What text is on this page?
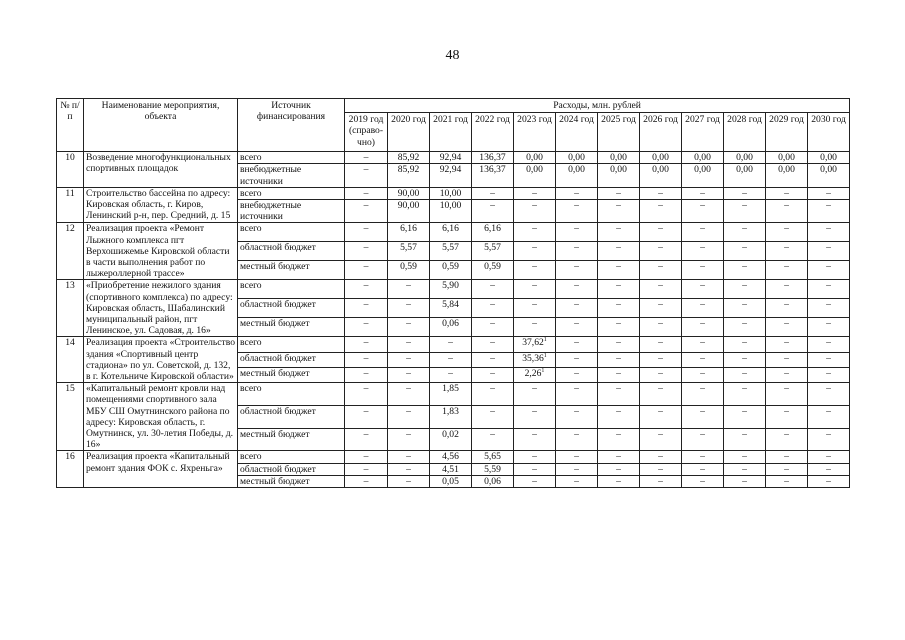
48
№ п/п	Наименование мероприятия, объекта	Источник финансирования	Расходы, млн. рублей											
			2019 год (справо-чно)	2020 год	2021 год	2022 год	2023 год	2024 год	2025 год	2026 год	2027 год	2028 год	2029 год	2030 год
10	Возведение многофункциональных спортивных площадок	всего	–	85,92	92,94	136,37	0,00	0,00	0,00	0,00	0,00	0,00	0,00	0,00
		внебюджетные источники	–	85,92	92,94	136,37	0,00	0,00	0,00	0,00	0,00	0,00	0,00	0,00
11	Строительство бассейна по адресу: Кировская область, г. Киров, Ленинский р-н, пер. Средний, д. 15	всего	–	90,00	10,00	–	–	–	–	–	–	–	–	–
		внебюджетные источники	–	90,00	10,00	–	–	–	–	–	–	–	–	–
12	Реализация проекта «Ремонт Лыжного комплекса пгт Верхошижемье Кировской области в части выполнения работ по лыжероллерной трассе»	всего	–	6,16	6,16	6,16	–	–	–	–	–	–	–	–
		областной бюджет	–	5,57	5,57	5,57	–	–	–	–	–	–	–	–
		местный бюджет	–	0,59	0,59	0,59	–	–	–	–	–	–	–	–
13	«Приобретение нежилого здания (спортивного комплекса) по адресу: Кировская область, Шабалинский муниципальный район, пгт Ленинское, ул. Садовая, д. 16»	всего	–	–	5,90	–	–	–	–	–	–	–	–	–
		областной бюджет	–	–	5,84	–	–	–	–	–	–	–	–	–
		местный бюджет	–	–	0,06	–	–	–	–	–	–	–	–	–
14	Реализация проекта «Строительство здания «Спортивный центр стадиона» по ул. Советской, д. 132, в г. Котельниче Кировской области»	всего	–	–	–	–	37,62$^1$	–	–	–	–	–	–	–
		областной бюджет	–	–	–	–	35,36$^1$	–	–	–	–	–	–	–
		местный бюджет	–	–	–	–	2,26$^1$	–	–	–	–	–	–	–
15	«Капитальный ремонт кровли над помещениями спортивного зала МБУ СШ Омутнинского района по адресу: Кировская область, г. Омутнинск, ул. 30-летия Победы, д. 16»	всего	–	–	1,85	–	–	–	–	–	–	–	–	–
		областной бюджет	–	–	1,83	–	–	–	–	–	–	–	–	–
		местный бюджет	–	–	0,02	–	–	–	–	–	–	–	–	–
16	Реализация проекта «Капитальный ремонт здания ФОК с. Яхреньга»	всего	–	–	4,56	5,65	–	–	–	–	–	–	–	–
		областной бюджет	–	–	4,51	5,59	–	–	–	–	–	–	–	–
		местный бюджет	–	–	0,05	0,06	–	–	–	–	–	–	–	–
